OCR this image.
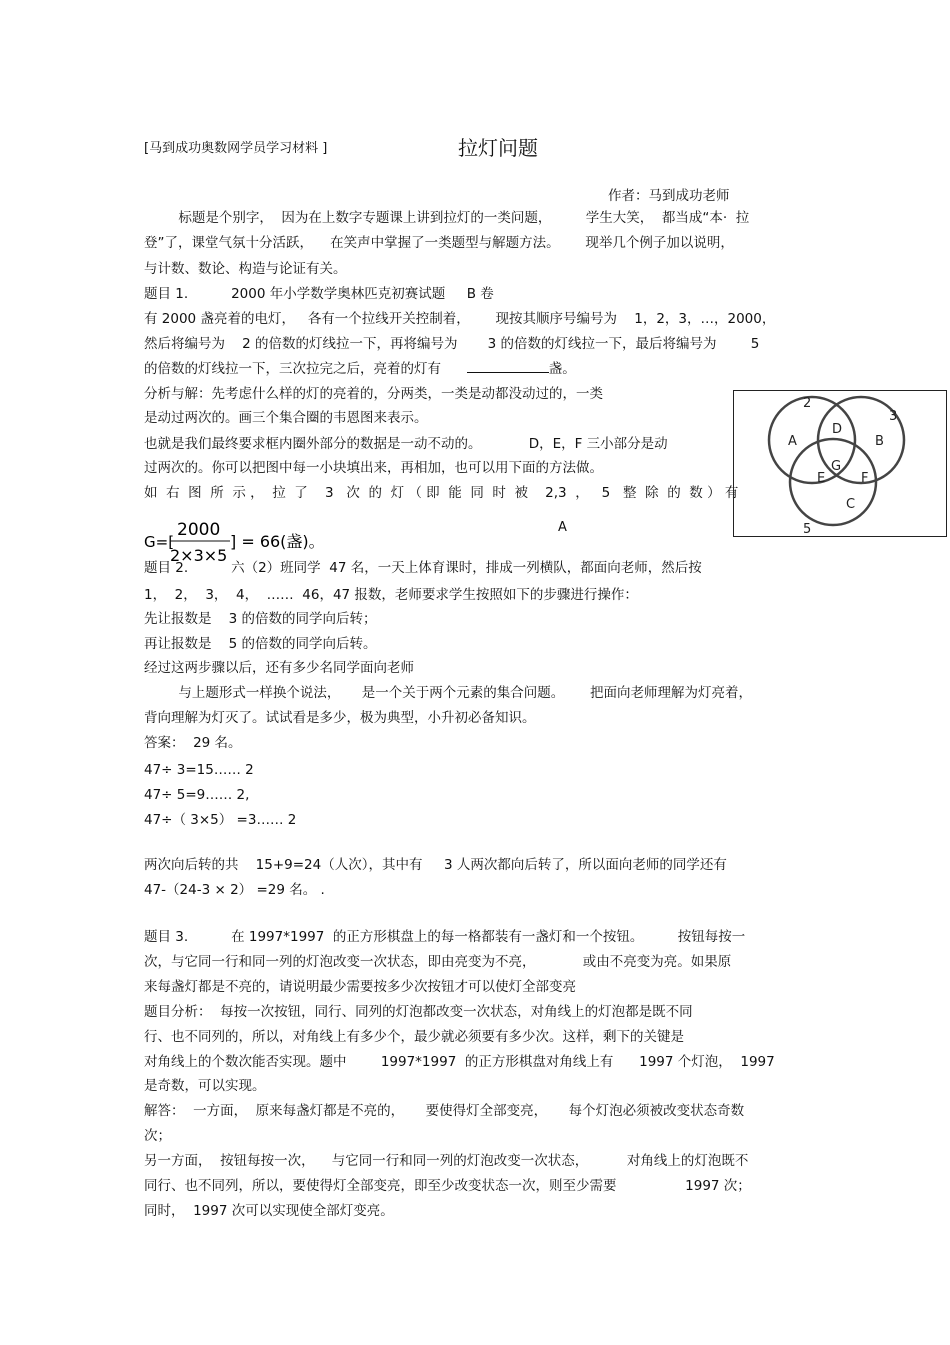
[马到成功奥数网学员学习材料 ]	拉灯问题
作者：马到成功老师
标题是个别字，  因为在上数字专题课上讲到拉灯的一类问题，        学生大笑，  都当成“本·  拉
登”了，课堂气氛十分活跃，    在笑声中掌握了一类题型与解题方法。      现举几个例子加以说明，
与计数、数论、构造与论证有关。
题目 1.          2000 年小学数学奥林匹克初赛试题     B 卷
有 2000 盏亮着的电灯，   各有一个拉线开关控制着，      现按其顺序号编号为    1，2，3，…，2000，
然后将编号为    2 的倍数的灯线拉一下，再将编号为       3 的倍数的灯线拉一下，最后将编号为        5
的倍数的灯线拉一下，三次拉完之后，亮着的灯有	盏。
分析与解：先考虑什么样的灯的亮着的，分两类，一类是动都没动过的，一类
是动过两次的。画三个集合圈的韦恩图来表示。
也就是我们最终要求框内圈外部分的数据是一动不动的。           D，E，F 三小部分是动
过两次的。你可以把图中每一小块填出来，再相加，也可以用下面的方法做。
如  右  图  所  示 ，  拉  了    3   次  的  灯 （ 即  能  同  时  被    2,3  ，   5   整  除  的  数 ） 有
题目 2.          六（2）班同学  47 名，一天上体育课时，排成一列横队，都面向老师，然后按
1，  2，  3，  4，  ……  46，47 报数，老师要求学生按照如下的步骤进行操作：
先让报数是    3 的倍数的同学向后转；
再让报数是    5 的倍数的同学向后转。
经过这两步骤以后，还有多少名同学面向老师
与上题形式一样换个说法，     是一个关于两个元素的集合问题。      把面向老师理解为灯亮着，
背向理解为灯灭了。试试看是多少，极为典型，小升初必备知识。
答案：  29 名。
47÷ 3=15…… 2
47÷ 5=9…… 2,
47÷（ 3×5） =3…… 2
两次向后转的共    15+9=24（人次），其中有     3 人两次都向后转了，所以面向老师的同学还有
47-（24-3 × 2） =29 名。 .
题目 3.          在 1997*1997  的正方形棋盘上的每一格都装有一盏灯和一个按钮。        按钮每按一
次，与它同一行和同一列的灯泡改变一次状态，即由亮变为不亮，           或由不亮变为亮。如果原
来每盏灯都是不亮的，请说明最少需要按多少次按钮才可以使灯全部变亮
题目分析：  每按一次按钮，同行、同列的灯泡都改变一次状态，对角线上的灯泡都是既不同
行、也不同列的，所以，对角线上有多少个，最少就必须要有多少次。这样，剩下的关键是
对角线上的个数次能否实现。题中        1997*1997  的正方形棋盘对角线上有      1997 个灯泡，  1997
是奇数，可以实现。
解答：  一方面，  原来每盏灯都是不亮的，     要使得灯全部变亮，     每个灯泡必须被改变状态奇数
次；
另一方面，  按钮每按一次，    与它同一行和同一列的灯泡改变一次状态，         对角线上的灯泡既不
同行、也不同列，所以，要使得灯全部变亮，即至少改变状态一次，则至少需要                1997 次；
同时，  1997 次可以实现使全部灯变亮。
G=[
2000
2×3×5
] = 66(盏)。
A
2
3
5
A	B
C
D
E	F
G
